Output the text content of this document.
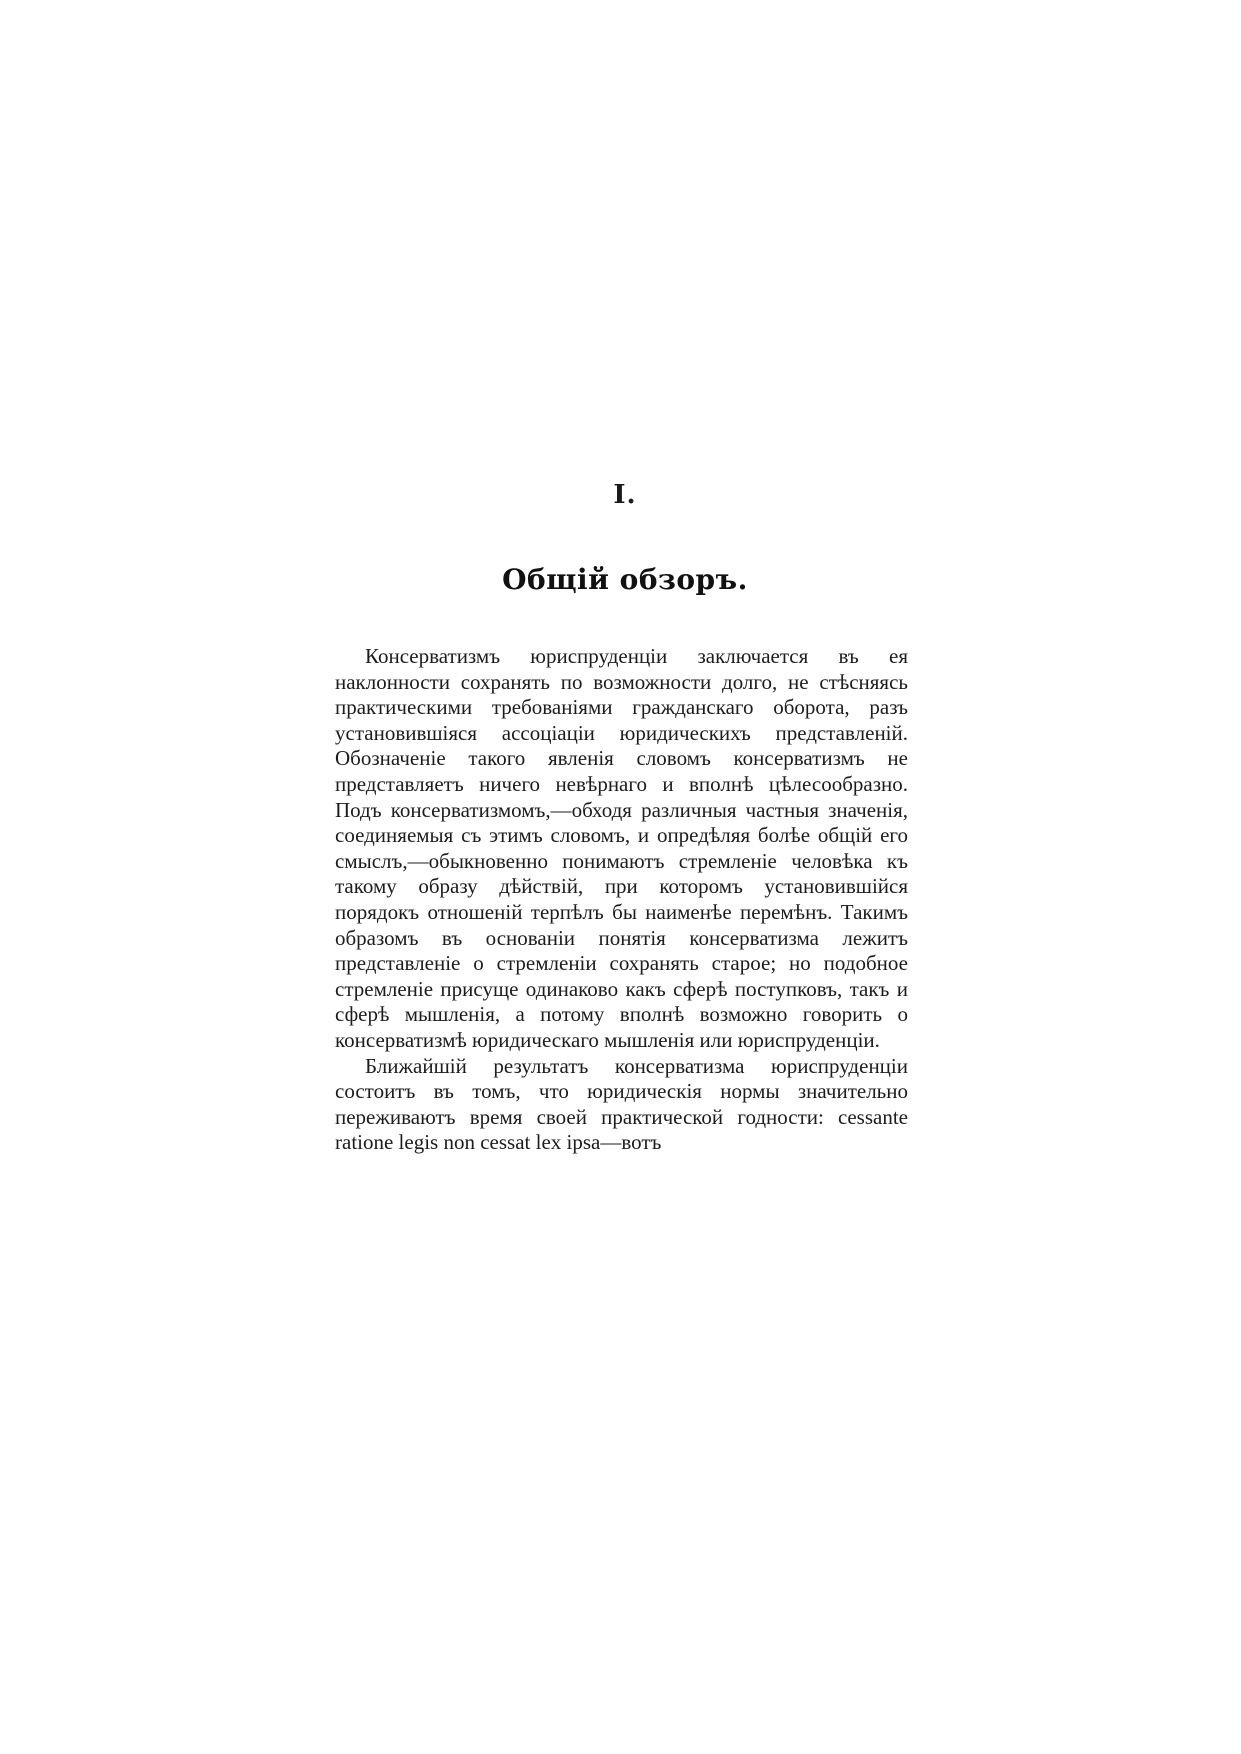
I.
Общій обзоръ.

Консерватизмъ юриспруденціи заключается въ ея наклонности сохранять по возможности долго, не стѣсняясь практическими требованіями гражданскаго оборота, разъ установившіяся ассоціаціи юридическихъ представленій. Обозначеніе такого явленія словомъ консерватизмъ не представляетъ ничего невѣрнаго и вполнѣ цѣлесообразно. Подъ консерватизмомъ,—обходя различныя частныя значенія, соединяемыя съ этимъ словомъ, и опредѣляя болѣе общій его смыслъ,—обыкновенно понимаютъ стремленіе человѣка къ такому образу дѣйствій, при которомъ установившійся порядокъ отношеній терпѣлъ бы наименѣе перемѣнъ. Такимъ образомъ въ основаніи понятія консерватизма лежитъ представленіе о стремленіи сохранять старое; но подобное стремленіе присуще одинаково какъ сферѣ поступковъ, такъ и сферѣ мышленія, а потому вполнѣ возможно говорить о консерватизмѣ юридическаго мышленія или юриспруденціи.

Ближайшій результатъ консерватизма юриспруденціи состоитъ въ томъ, что юридическія нормы значительно переживаютъ время своей практической годности: cessante ratione legis non cessat lex ipsa—вотъ
